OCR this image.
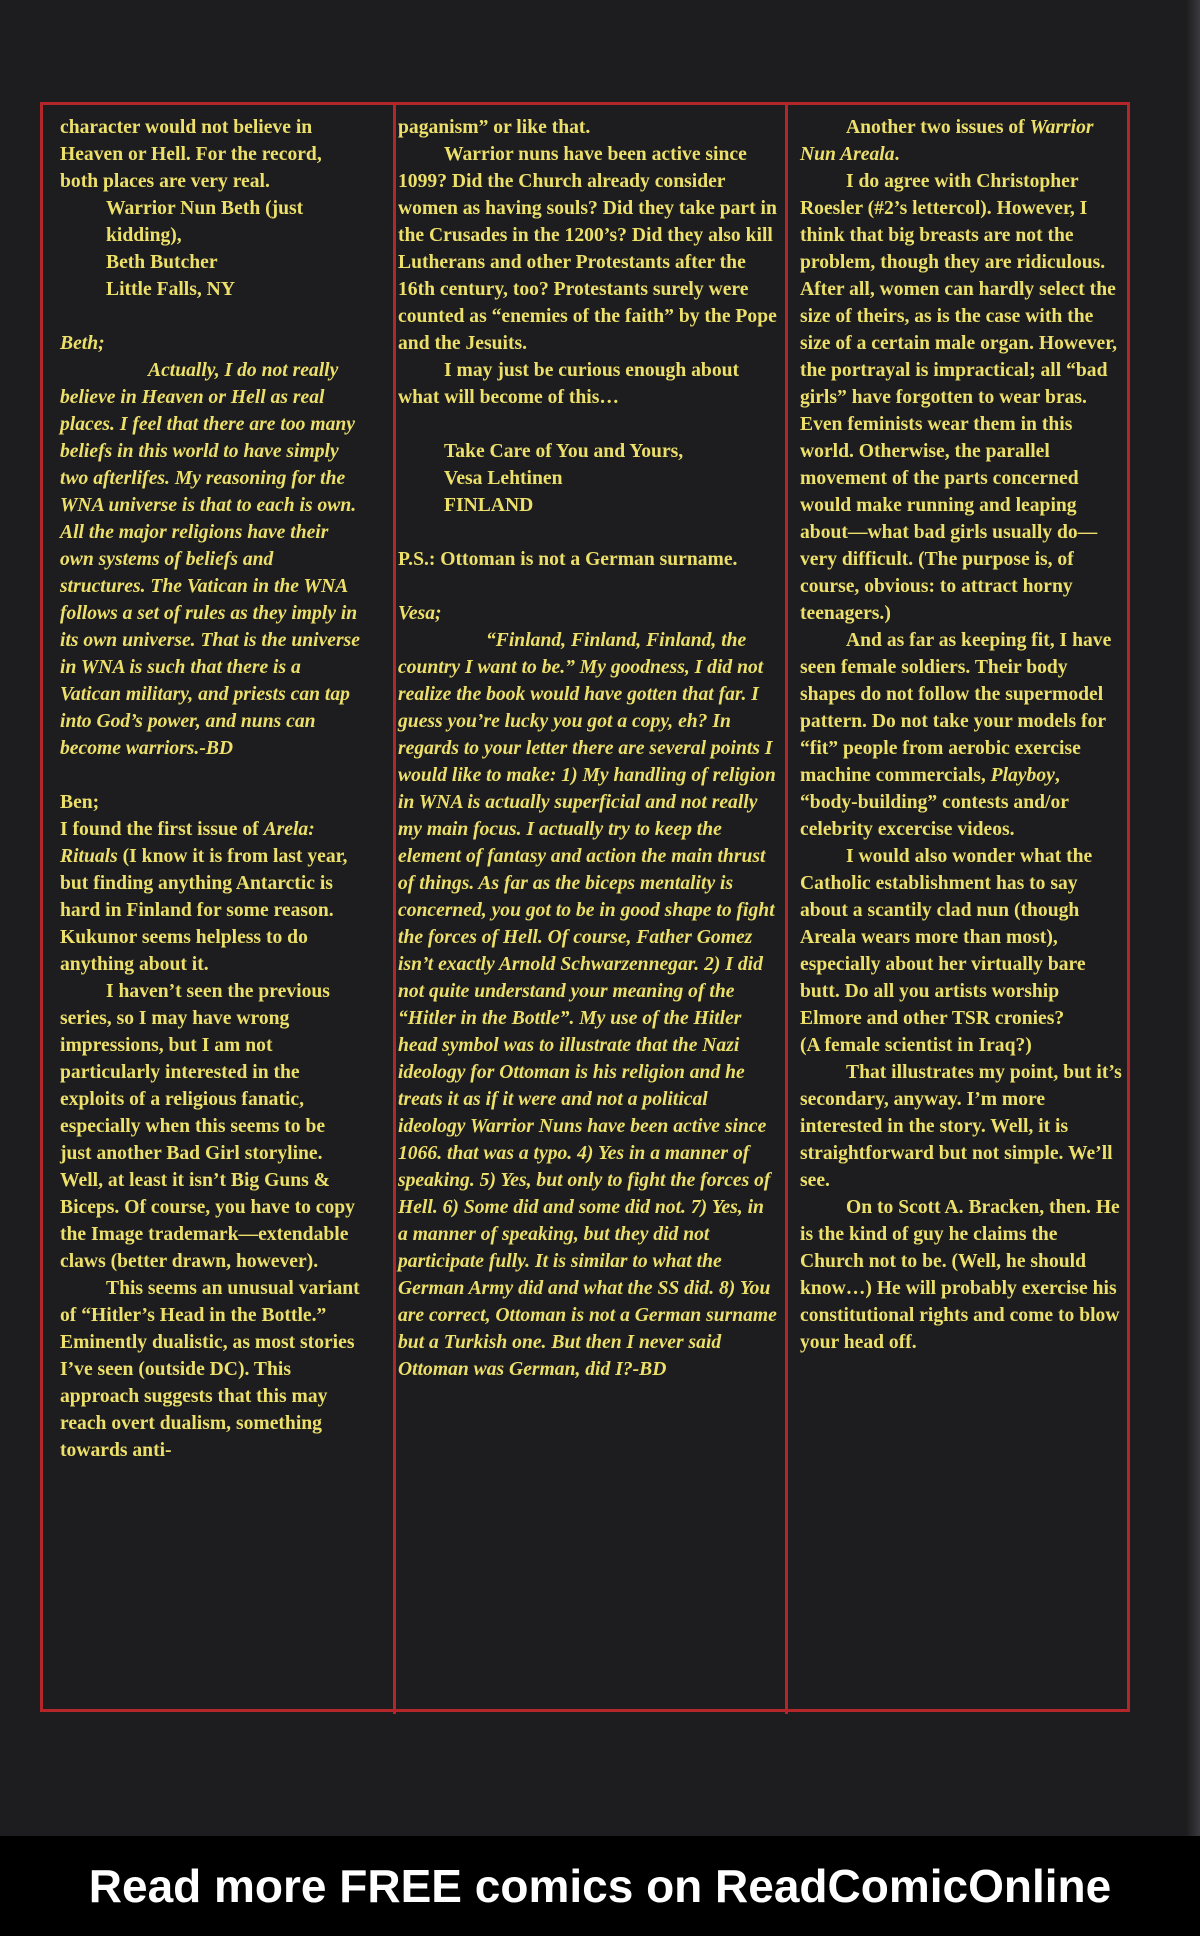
character would not believe in Heaven or Hell. For the record, both places are very real.

Warrior Nun Beth (just kidding),

Beth Butcher

Little Falls, NY

Beth;

Actually, I do not really believe in Heaven or Hell as real places. I feel that there are too many beliefs in this world to have simply two afterlifes. My reasoning for the WNA universe is that to each is own. All the major religions have their own systems of beliefs and structures. The Vatican in the WNA follows a set of rules as they imply in its own universe. That is the universe in WNA is such that there is a Vatican military, and priests can tap into God’s power, and nuns can become warriors.-BD

Ben;

I found the first issue of Arela: Rituals (I know it is from last year, but finding anything Antarctic is hard in Finland for some reason. Kukunor seems helpless to do anything about it.

I haven’t seen the previous series, so I may have wrong impressions, but I am not particularly interested in the exploits of a religious fanatic, especially when this seems to be just another Bad Girl storyline. Well, at least it isn’t Big Guns & Biceps. Of course, you have to copy the Image trademark—extendable claws (better drawn, however).

This seems an unusual variant of “Hitler’s Head in the Bottle.” Eminently dualistic, as most stories I’ve seen (outside DC). This approach suggests that this may reach overt dualism, something towards anti-

paganism” or like that.

Warrior nuns have been active since 1099? Did the Church already consider women as having souls? Did they take part in the Crusades in the 1200’s? Did they also kill Lutherans and other Protestants after the 16th century, too? Protestants surely were counted as “enemies of the faith” by the Pope and the Jesuits.

I may just be curious enough about what will become of this…

Take Care of You and Yours,

Vesa Lehtinen

FINLAND

P.S.: Ottoman is not a German surname.

Vesa;

“Finland, Finland, Finland, the country I want to be.” My goodness, I did not realize the book would have gotten that far. I guess you’re lucky you got a copy, eh? In regards to your letter there are several points I would like to make: 1) My handling of religion in WNA is actually superficial and not really my main focus. I actually try to keep the element of fantasy and action the main thrust of things. As far as the biceps mentality is concerned, you got to be in good shape to fight the forces of Hell. Of course, Father Gomez isn’t exactly Arnold Schwarzennegar. 2) I did not quite understand your meaning of the “Hitler in the Bottle”. My use of the Hitler head symbol was to illustrate that the Nazi ideology for Ottoman is his religion and he treats it as if it were and not a political ideology Warrior Nuns have been active since 1066. that was a typo. 4) Yes in a manner of speaking. 5) Yes, but only to fight the forces of Hell. 6) Some did and some did not. 7) Yes, in a manner of speaking, but they did not participate fully. It is similar to what the German Army did and what the SS did. 8) You are correct, Ottoman is not a German surname but a Turkish one. But then I never said Ottoman was German, did I?-BD

Another two issues of Warrior Nun Areala.

I do agree with Christopher Roesler (#2’s lettercol). However, I think that big breasts are not the problem, though they are ridiculous. After all, women can hardly select the size of theirs, as is the case with the size of a certain male organ. However, the portrayal is impractical; all “bad girls” have forgotten to wear bras. Even feminists wear them in this world. Otherwise, the parallel movement of the parts concerned would make running and leaping about—what bad girls usually do—very difficult. (The purpose is, of course, obvious: to attract horny teenagers.)

And as far as keeping fit, I have seen female soldiers. Their body shapes do not follow the supermodel pattern. Do not take your models for “fit” people from aerobic exercise machine commercials, Playboy, “body-building” contests and/or celebrity excercise videos.

I would also wonder what the Catholic establishment has to say about a scantily clad nun (though Areala wears more than most), especially about her virtually bare butt. Do all you artists worship Elmore and other TSR cronies?

(A female scientist in Iraq?)

That illustrates my point, but it’s secondary, anyway. I’m more interested in the story. Well, it is straightforward but not simple. We’ll see.

On to Scott A. Bracken, then. He is the kind of guy he claims the Church not to be. (Well, he should know…) He will probably exercise his constitutional rights and come to blow your head off.

Read more FREE comics on ReadComicOnline
